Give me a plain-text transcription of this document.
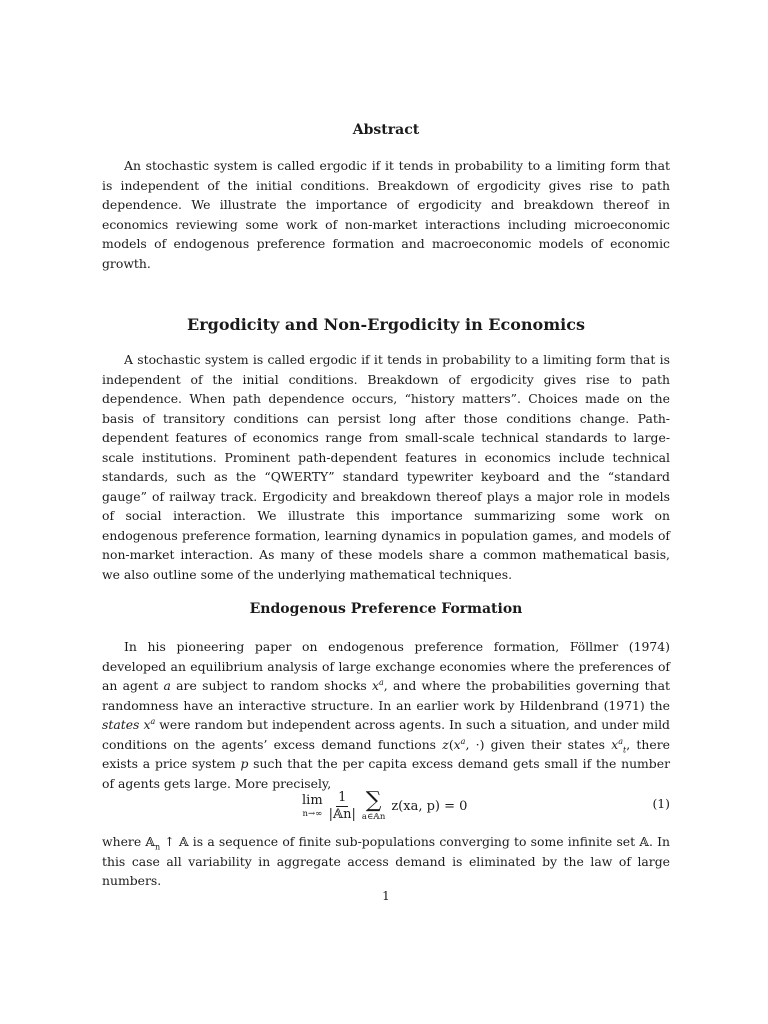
Abstract

An stochastic system is called ergodic if it tends in probability to a limiting form that is independent of the initial conditions. Breakdown of ergodicity gives rise to path dependence. We illustrate the importance of ergodicity and breakdown thereof in economics reviewing some work of non-market interactions including microeconomic models of endogenous preference formation and macroeconomic models of economic growth.

Ergodicity and Non-Ergodicity in Economics

A stochastic system is called ergodic if it tends in probability to a limiting form that is independent of the initial conditions. Breakdown of ergodicity gives rise to path dependence. When path dependence occurs, “history matters”. Choices made on the basis of transitory conditions can persist long after those conditions change. Path-dependent features of economics range from small-scale technical standards to large-scale institutions. Prominent path-dependent features in economics include technical standards, such as the “QWERTY” standard typewriter keyboard and the “standard gauge” of railway track. Ergodicity and breakdown thereof plays a major role in models of social interaction. We illustrate this importance summarizing some work on endogenous preference formation, learning dynamics in population games, and models of non-market interaction. As many of these models share a common mathematical basis, we also outline some of the underlying mathematical techniques.

Endogenous Preference Formation

In his pioneering paper on endogenous preference formation, Föllmer (1974) developed an equilibrium analysis of large exchange economies where the preferences of an agent a are subject to random shocks $x^a$, and where the probabilities governing that randomness have an interactive structure. In an earlier work by Hildenbrand (1971) the states $x^a$ were random but independent across agents. In such a situation, and under mild conditions on the agents’ excess demand functions $z(x^a$, ·) given their states $x^a_t$, there exists a price system p such that the per capita excess demand gets small if the number of agents gets large. More precisely,

lim
$n\to\infty \frac{1}{\text{|𝔸n|}}$ ∑
a∈𝔸n
z(xa, p) = 0	(1)

where 𝔸$_n$ ↑ 𝔸 is a sequence of finite sub-populations converging to some infinite set 𝔸. In this case all variability in aggregate access demand is eliminated by the law of large numbers.

1
